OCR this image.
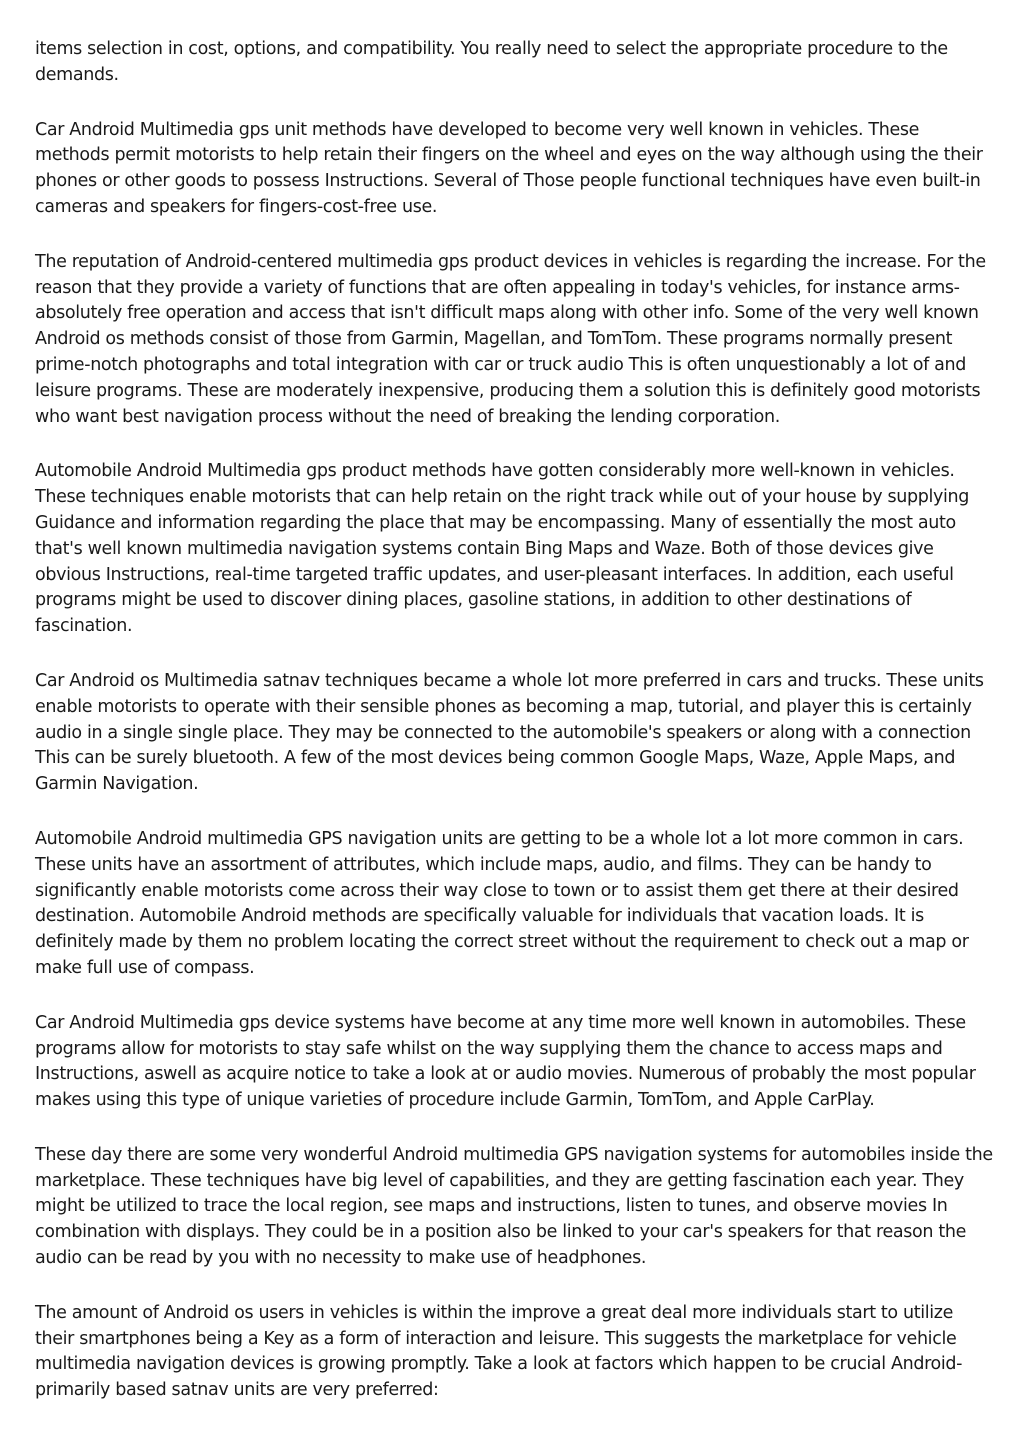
items selection in cost, options, and compatibility. You really need to select the appropriate procedure to the demands.

Car Android Multimedia gps unit methods have developed to become very well known in vehicles. These methods permit motorists to help retain their fingers on the wheel and eyes on the way although using the their phones or other goods to possess Instructions. Several of Those people functional techniques have even built-in cameras and speakers for fingers-cost-free use.

The reputation of Android-centered multimedia gps product devices in vehicles is regarding the increase. For the reason that they provide a variety of functions that are often appealing in today's vehicles, for instance arms-absolutely free operation and access that isn't difficult maps along with other info. Some of the very well known Android os methods consist of those from Garmin, Magellan, and TomTom. These programs normally present prime-notch photographs and total integration with car or truck audio This is often unquestionably a lot of and leisure programs. These are moderately inexpensive, producing them a solution this is definitely good motorists who want best navigation process without the need of breaking the lending corporation.

Automobile Android Multimedia gps product methods have gotten considerably more well-known in vehicles. These techniques enable motorists that can help retain on the right track while out of your house by supplying Guidance and information regarding the place that may be encompassing. Many of essentially the most auto that's well known multimedia navigation systems contain Bing Maps and Waze. Both of those devices give obvious Instructions, real-time targeted traffic updates, and user-pleasant interfaces. In addition, each useful programs might be used to discover dining places, gasoline stations, in addition to other destinations of fascination.

Car Android os Multimedia satnav techniques became a whole lot more preferred in cars and trucks. These units enable motorists to operate with their sensible phones as becoming a map, tutorial, and player this is certainly audio in a single single place. They may be connected to the automobile's speakers or along with a connection This can be surely bluetooth. A few of the most devices being common Google Maps, Waze, Apple Maps, and Garmin Navigation.

Automobile Android multimedia GPS navigation units are getting to be a whole lot a lot more common in cars. These units have an assortment of attributes, which include maps, audio, and films. They can be handy to significantly enable motorists come across their way close to town or to assist them get there at their desired destination. Automobile Android methods are specifically valuable for individuals that vacation loads. It is definitely made by them no problem locating the correct street without the requirement to check out a map or make full use of compass.

Car Android Multimedia gps device systems have become at any time more well known in automobiles. These programs allow for motorists to stay safe whilst on the way supplying them the chance to access maps and Instructions, aswell as acquire notice to take a look at or audio movies. Numerous of probably the most popular makes using this type of unique varieties of procedure include Garmin, TomTom, and Apple CarPlay.

These day there are some very wonderful Android multimedia GPS navigation systems for automobiles inside the marketplace. These techniques have big level of capabilities, and they are getting fascination each year. They might be utilized to trace the local region, see maps and instructions, listen to tunes, and observe movies In combination with displays. They could be in a position also be linked to your car's speakers for that reason the audio can be read by you with no necessity to make use of headphones.

The amount of Android os users in vehicles is within the improve a great deal more individuals start to utilize their smartphones being a Key as a form of interaction and leisure. This suggests the marketplace for vehicle multimedia navigation devices is growing promptly. Take a look at factors which happen to be crucial Android-primarily based satnav units are very preferred:
